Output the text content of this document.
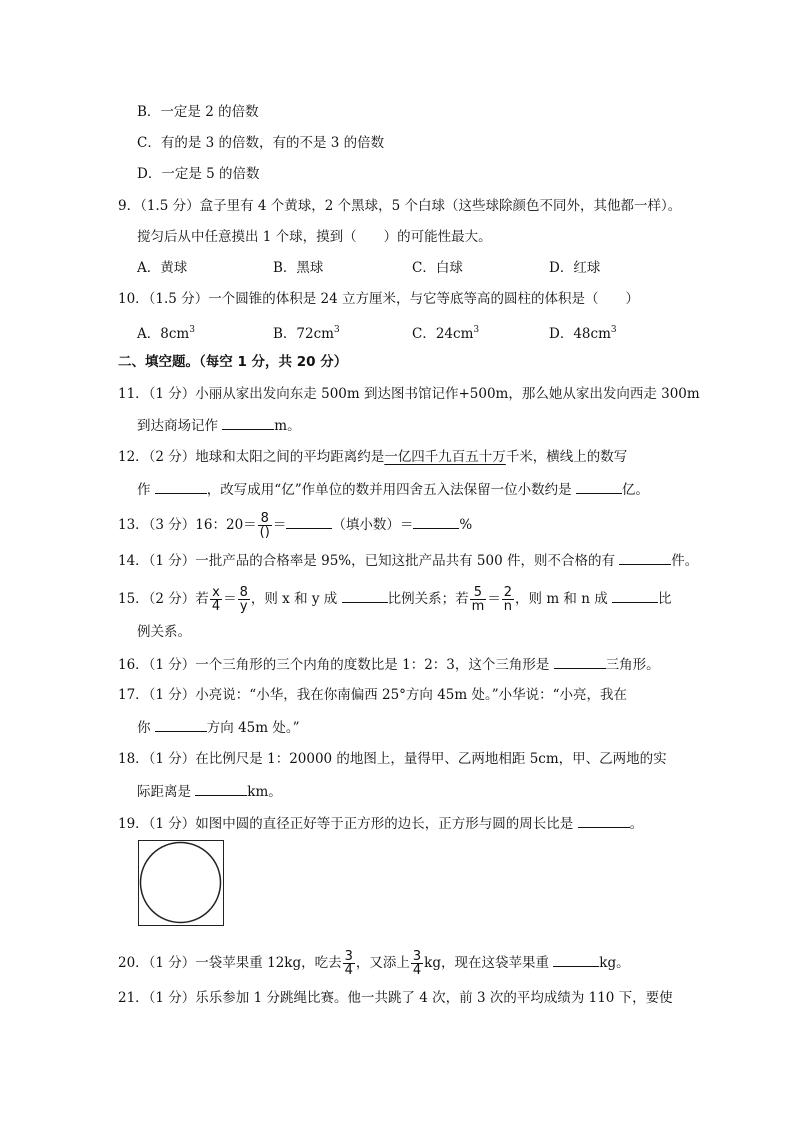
B．一定是 2 的倍数
C．有的是 3 的倍数，有的不是 3 的倍数
D．一定是 5 的倍数
9．（1.5 分）盒子里有 4 个黄球，2 个黑球，5 个白球（这些球除颜色不同外，其他都一样）。
搅匀后从中任意摸出 1 个球，摸到（　　）的可能性最大。
A．黄球	B．黑球	C．白球	D．红球
10．（1.5 分）一个圆锥的体积是 24 立方厘米，与它等底等高的圆柱的体积是（　　）
A．$8cm^3$	B．$72cm^3$	C．$24cm^3$	D．$48cm^3$
二、填空题。（每空 1 分，共 20 分）
11．（1 分）小丽从家出发向东走 500m 到达图书馆记作+500m，那么她从家出发向西走 300m
到达商场记作	m。
12．（2 分）地球和太阳之间的平均距离约是一亿四千九百五十万千米，横线上的数写
作	，改写成用“亿”作单位的数并用四舍五入法保留一位小数约是	亿。
13．（3 分）16：$20= \frac{8}{()}$ ＝	（填小数）＝	%
14．（1 分）一批产品的合格率是 95%，已知这批产品共有 500 件，则不合格的有	件。
15．（2 分）若 $\frac{x}{4} = \frac{8}{y}$ ，则 x 和 y 成	比例关系；若 $\frac{5}{m} = \frac{2}{n}$ ，则 m 和 n 成	比
例关系。
16．（1 分）一个三角形的三个内角的度数比是 1：2：3，这个三角形是	三角形。
17．（1 分）小亮说：“小华，我在你南偏西 25°方向 45m 处。”小华说：“小亮，我在
你	方向 45m 处。”
18．（1 分）在比例尺是 1：20000 的地图上，量得甲、乙两地相距 5cm，甲、乙两地的实
际距离是	km。
19．（1 分）如图中圆的直径正好等于正方形的边长，正方形与圆的周长比是	。
20．（1 分）一袋苹果重 12kg，吃去 $\frac{3}{4}$ ，又添上 $\frac{3}{4}$ kg，现在这袋苹果重	kg。
21．（1 分）乐乐参加 1 分跳绳比赛。他一共跳了 4 次，前 3 次的平均成绩为 110 下，要使
